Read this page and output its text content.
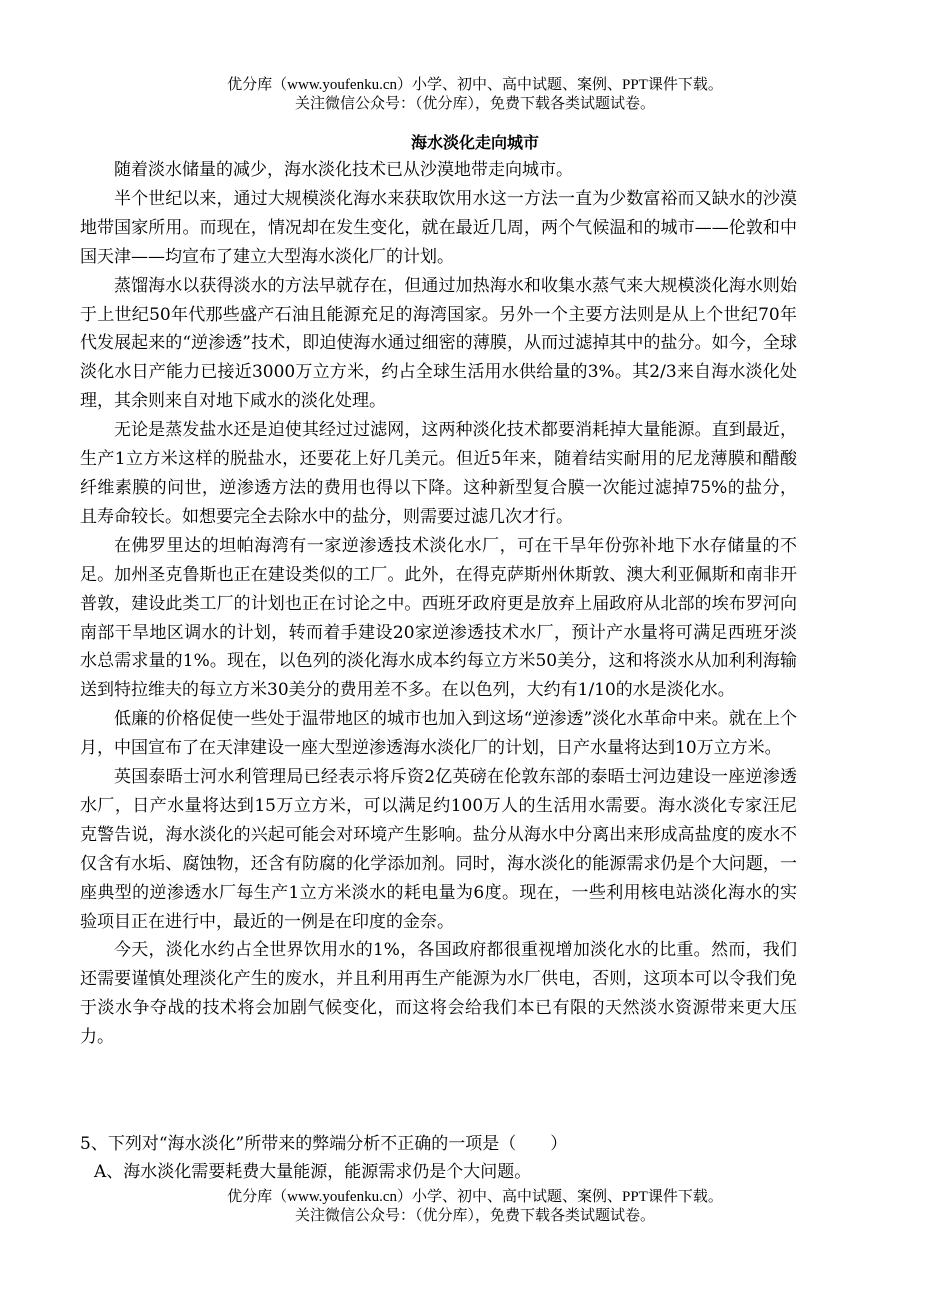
优分库（www.youfenku.cn）小学、初中、高中试题、案例、PPT课件下载。
关注微信公众号：（优分库），免费下载各类试题试卷。
海水淡化走向城市

随着淡水储量的减少，海水淡化技术已从沙漠地带走向城市。

半个世纪以来，通过大规模淡化海水来获取饮用水这一方法一直为少数富裕而又缺水的沙漠地带国家所用。而现在，情况却在发生变化，就在最近几周，两个气候温和的城市——伦敦和中国天津——均宣布了建立大型海水淡化厂的计划。

蒸馏海水以获得淡水的方法早就存在，但通过加热海水和收集水蒸气来大规模淡化海水则始于上世纪50年代那些盛产石油且能源充足的海湾国家。另外一个主要方法则是从上个世纪70年代发展起来的“逆渗透”技术，即迫使海水通过细密的薄膜，从而过滤掉其中的盐分。如今，全球淡化水日产能力已接近3000万立方米，约占全球生活用水供给量的3%。其2/3来自海水淡化处理，其余则来自对地下咸水的淡化处理。

无论是蒸发盐水还是迫使其经过过滤网，这两种淡化技术都要消耗掉大量能源。直到最近，生产1立方米这样的脱盐水，还要花上好几美元。但近5年来，随着结实耐用的尼龙薄膜和醋酸纤维素膜的问世，逆渗透方法的费用也得以下降。这种新型复合膜一次能过滤掉75%的盐分，且寿命较长。如想要完全去除水中的盐分，则需要过滤几次才行。

在佛罗里达的坦帕海湾有一家逆渗透技术淡化水厂，可在干旱年份弥补地下水存储量的不足。加州圣克鲁斯也正在建设类似的工厂。此外，在得克萨斯州休斯敦、澳大利亚佩斯和南非开普敦，建设此类工厂的计划也正在讨论之中。西班牙政府更是放弃上届政府从北部的埃布罗河向南部干旱地区调水的计划，转而着手建设20家逆渗透技术水厂，预计产水量将可满足西班牙淡水总需求量的1%。现在，以色列的淡化海水成本约每立方米50美分，这和将淡水从加利利海输送到特拉维夫的每立方米30美分的费用差不多。在以色列，大约有1/10的水是淡化水。

低廉的价格促使一些处于温带地区的城市也加入到这场“逆渗透”淡化水革命中来。就在上个月，中国宣布了在天津建设一座大型逆渗透海水淡化厂的计划，日产水量将达到10万立方米。

英国泰晤士河水利管理局已经表示将斥资2亿英磅在伦敦东部的泰晤士河边建设一座逆渗透水厂，日产水量将达到15万立方米，可以满足约100万人的生活用水需要。海水淡化专家汪尼克警告说，海水淡化的兴起可能会对环境产生影响。盐分从海水中分离出来形成高盐度的废水不仅含有水垢、腐蚀物，还含有防腐的化学添加剂。同时，海水淡化的能源需求仍是个大问题，一座典型的逆渗透水厂每生产1立方米淡水的耗电量为6度。现在，一些利用核电站淡化海水的实验项目正在进行中，最近的一例是在印度的金奈。

今天，淡化水约占全世界饮用水的1%，各国政府都很重视增加淡化水的比重。然而，我们还需要谨慎处理淡化产生的废水，并且利用再生产能源为水厂供电，否则，这项本可以令我们免于淡水争夺战的技术将会加剧气候变化，而这将会给我们本已有限的天然淡水资源带来更大压力。

5、下列对“海水淡化”所带来的弊端分析不正确的一项是（　　）
A、海水淡化需要耗费大量能源，能源需求仍是个大问题。
优分库（www.youfenku.cn）小学、初中、高中试题、案例、PPT课件下载。
关注微信公众号：（优分库），免费下载各类试题试卷。
